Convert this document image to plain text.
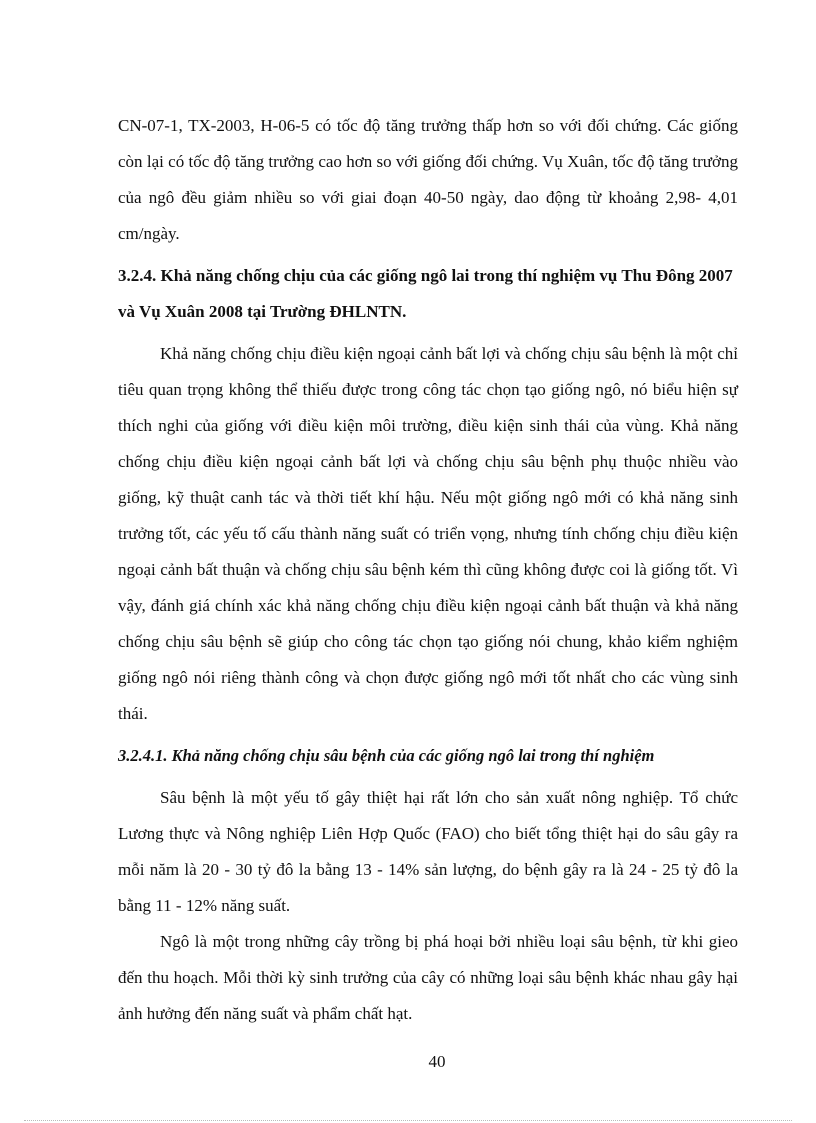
CN-07-1, TX-2003, H-06-5 có tốc độ tăng trưởng thấp hơn so với đối chứng. Các giống còn lại có tốc độ tăng trưởng cao hơn so với giống đối chứng. Vụ Xuân, tốc độ tăng trưởng của ngô đều giảm nhiều so với giai đoạn 40-50 ngày, dao động từ khoảng 2,98- 4,01 cm/ngày.

3.2.4. Khả năng chống chịu của các giống ngô lai trong thí nghiệm vụ Thu Đông 2007 và Vụ Xuân 2008 tại Trường ĐHLNTN.

Khả năng chống chịu điều kiện ngoại cảnh bất lợi và chống chịu sâu bệnh là một chỉ tiêu quan trọng không thể thiếu được trong công tác chọn tạo giống ngô, nó biểu hiện sự thích nghi của giống với điều kiện môi trường, điều kiện sinh thái của vùng. Khả năng chống chịu điều kiện ngoại cảnh bất lợi và chống chịu sâu bệnh phụ thuộc nhiều vào giống, kỹ thuật canh tác và thời tiết khí hậu. Nếu một giống ngô mới có khả năng sinh trưởng tốt, các yếu tố cấu thành năng suất có triển vọng, nhưng tính chống chịu điều kiện ngoại cảnh bất thuận và chống chịu sâu bệnh kém thì cũng không được coi là giống tốt. Vì vậy, đánh giá chính xác khả năng chống chịu điều kiện ngoại cảnh bất thuận và khả năng chống chịu sâu bệnh sẽ giúp cho công tác chọn tạo giống nói chung, khảo kiểm nghiệm giống ngô nói riêng thành công và chọn được giống ngô mới tốt nhất cho các vùng sinh thái.

3.2.4.1. Khả năng chống chịu sâu bệnh của các giống ngô lai trong thí nghiệm

Sâu bệnh là một yếu tố gây thiệt hại rất lớn cho sản xuất nông nghiệp. Tổ chức Lương thực và Nông nghiệp Liên Hợp Quốc (FAO) cho biết tổng thiệt hại do sâu gây ra mỗi năm là 20 - 30 tỷ đô la bằng 13 - 14% sản lượng, do bệnh gây ra là 24 - 25 tỷ đô la bằng 11 - 12% năng suất.

Ngô là một trong những cây trồng bị phá hoại bởi nhiều loại sâu bệnh, từ khi gieo đến thu hoạch. Mỗi thời kỳ sinh trưởng của cây có những loại sâu bệnh khác nhau gây hại ảnh hưởng đến năng suất và phẩm chất hạt.

40
